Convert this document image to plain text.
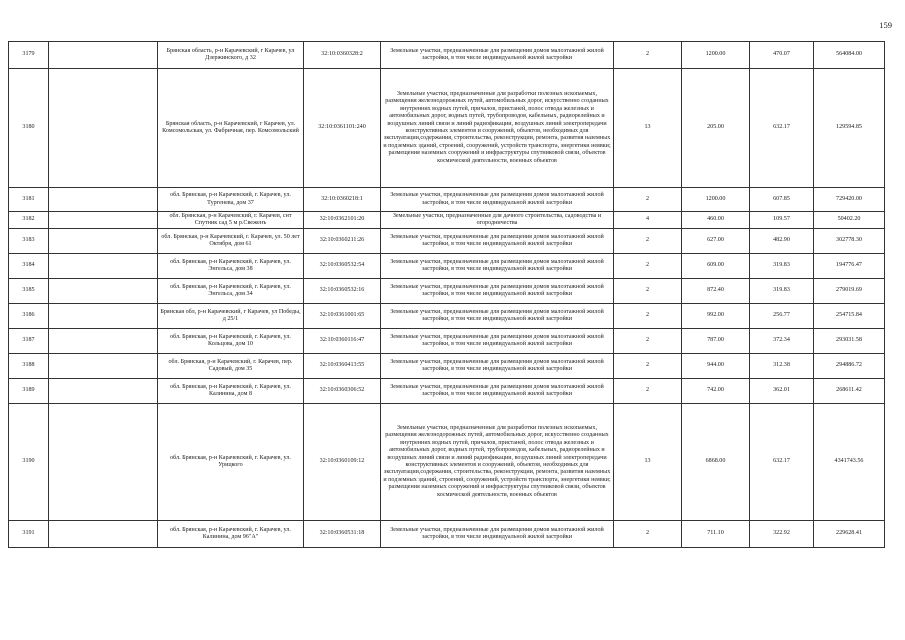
159
3179		Брянская область, р-н Карачевский, г Карачев, ул Дзержинского, д 32	32:10:0360328:2	Земельные участки, предназначенные для размещения домов малоэтажной жилой застройки, в том числе индивидуальной жилой застройки	2	1200.00	470.07	564084.00
3180		Брянская область, р-н Карачевский, г Карачев, ул. Комсомольская, ул. Фабричная, пер. Комсомольский	32:10:0361101:240	Земельные участки, предназначенные для разработки полезных ископаемых, размещения железнодорожных путей, автомобильных дорог, искусственно созданных внутренних водных путей, причалов, пристаней, полос отвода железных и автомобильных дорог, водных путей, трубопроводов, кабельных, радиорелейных и воздушных линий связи и линий радиофикации, воздушных линий электропередачи конструктивных элементов и сооружений, объектов, необходимых для эксплуатации,содержания, строительства, реконструкции, ремонта, развития наземных и подземных зданий, строений, сооружений, устройств транспорта, энергетики неявки; размещения наземных сооружений и инфраструктуры спутниковой связи, объектов космической деятельности, военных объектов	13	205.00	632.17	129594.85
3181		обл. Брянская, р-н Карачевский, г. Карачев, ул. Тургенева, дом 37	32:10:0360218:1	Земельные участки, предназначенные для размещения домов малоэтажной жилой застройки, в том числе индивидуальной жилой застройки	2	1200.00	607.85	729420.00
3182		обл. Брянская, р-н Карачевский, г. Карачев, снт Спутник сад 5 м р.Свеженъ	32:10:0362101:20	Земельные участки, предназначенные для дачного строительства, садоводства и огородничества	4	460.00	109.57	50402.20
3183		обл. Брянская, р-н Карачевский, г. Карачев, ул. 50 лет Октября, дом 61	32:10:0360211:26	Земельные участки, предназначенные для размещения домов малоэтажной жилой застройки, в том числе индивидуальной жилой застройки	2	627.00	482.90	302778.30
3184		обл. Брянская, р-н Карачевский, г. Карачев, ул. Энгельса, дом 38	32:10:0360532:54	Земельные участки, предназначенные для размещения домов малоэтажной жилой застройки, в том числе индивидуальной жилой застройки	2	609.00	319.83	194776.47
3185		обл. Брянская, р-н Карачевский, г. Карачев, ул. Энгельса, дом 34	32:10:0360532:16	Земельные участки, предназначенные для размещения домов малоэтажной жилой застройки, в том числе индивидуальной жилой застройки	2	872.40	319.83	279019.69
3186		Брянская обл, р-н Карачевский, г Карачев, ул Победы, д 25/1	32:10:0361001:65	Земельные участки, предназначенные для размещения домов малоэтажной жилой застройки, в том числе индивидуальной жилой застройки	2	992.00	256.77	254715.84
3187		обл. Брянская, р-н Карачевский, г. Карачев, ул. Кольцова, дом 10	32:10:0360116:47	Земельные участки, предназначенные для размещения домов малоэтажной жилой застройки, в том числе индивидуальной жилой застройки	2	787.00	372.34	293031.58
3188		обл. Брянская, р-н Карачевский, г. Карачев, пер. Садовый, дом 35	32:10:0360413:55	Земельные участки, предназначенные для размещения домов малоэтажной жилой застройки, в том числе индивидуальной жилой застройки	2	944.00	312.38	294886.72
3189		обл. Брянская, р-н Карачевский, г. Карачев, ул. Калинина, дом 8	32:10:0360306:52	Земельные участки, предназначенные для размещения домов малоэтажной жилой застройки, в том числе индивидуальной жилой застройки	2	742.00	362.01	268611.42
3190		обл. Брянская, р-н Карачевский, г. Карачев, ул. Урицкого	32:10:0360109:12	Земельные участки, предназначенные для разработки полезных ископаемых, размещения железнодорожных путей, автомобильных дорог, искусственно созданных внутренних водных путей, причалов, пристаней, полос отвода железных и автомобильных дорог, водных путей, трубопроводов, кабельных, радиорелейных и воздушных линий связи и линий радиофикации, воздушных линий электропередачи конструктивных элементов и сооружений, объектов, необходимых для эксплуатации,содержания, строительства, реконструкции, ремонта, развития наземных и подземных зданий, строений, сооружений, устройств транспорта, энергетики неявки; размещения наземных сооружений и инфраструктуры спутниковой связи, объектов космической деятельности, военных объектов	13	6868.00	632.17	4341743.56
3191		обл. Брянская, р-н Карачевский, г. Карачев, ул. Калинина, дом 96"А"	32:10:0360531:18	Земельные участки, предназначенные для размещения домов малоэтажной жилой застройки, в том числе индивидуальной жилой застройки	2	711.10	322.92	229628.41
